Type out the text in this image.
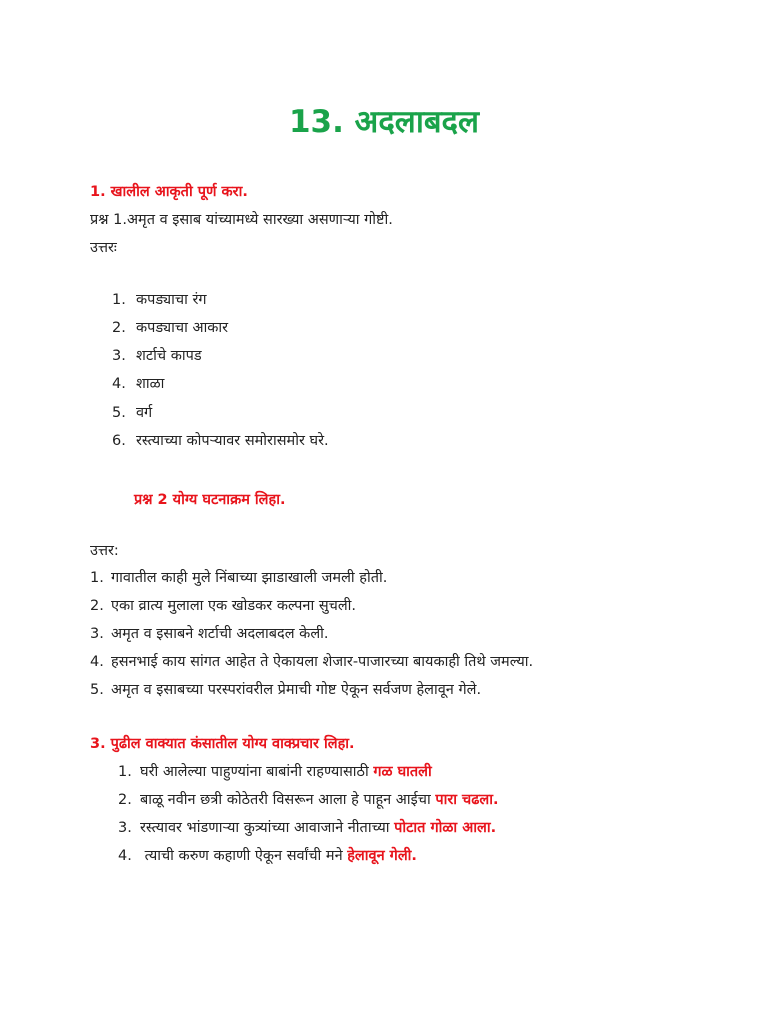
13. अदलाबदल
1. खालील आकृती पूर्ण करा.
प्रश्न 1.अमृत व इसाब यांच्यामध्ये सारख्या असणाऱ्या गोष्टी.
उत्तरः
1. कपड्याचा रंग
2. कपड्याचा आकार
3. शर्टाचे कापड
4. शाळा
5. वर्ग
6. रस्त्याच्या कोपऱ्यावर समोरासमोर घरे.
प्रश्न 2 योग्य घटनाक्रम लिहा.
उत्तर:
1. गावातील काही मुले निंबाच्या झाडाखाली जमली होती.
2. एका व्रात्य मुलाला एक खोडकर कल्पना सुचली.
3. अमृत व इसाबने शर्टाची अदलाबदल केली.
4. हसनभाई काय सांगत आहेत ते ऐकायला शेजार-पाजारच्या बायकाही तिथे जमल्या.
5. अमृत व इसाबच्या परस्परांवरील प्रेमाची गोष्ट ऐकून सर्वजण हेलावून गेले.
3. पुढील वाक्यात कंसातील योग्य वाक्प्रचार लिहा.
1. घरी आलेल्या पाहुण्यांना बाबांनी राहण्यासाठी गळ घातली
2. बाळू नवीन छत्री कोठेतरी विसरून आला हे पाहून आईचा पारा चढला.
3. रस्त्यावर भांडणाऱ्या कुत्र्यांच्या आवाजाने नीताच्या पोटात गोळा आला.
4. त्याची करुण कहाणी ऐकून सर्वांची मने हेलावून गेली.
